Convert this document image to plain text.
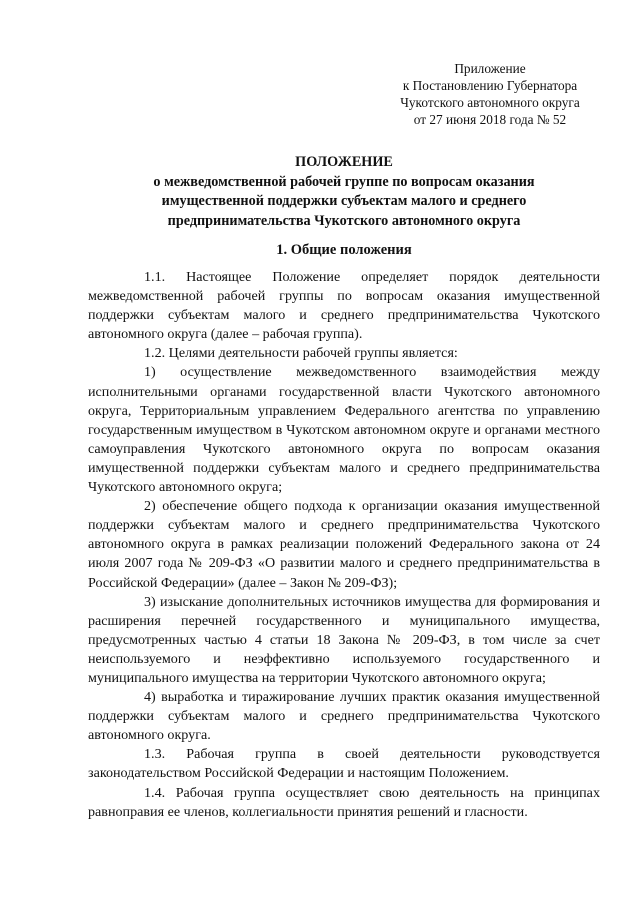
Приложение
к Постановлению Губернатора
Чукотского автономного округа
от 27 июня 2018 года № 52
ПОЛОЖЕНИЕ
о межведомственной рабочей группе по вопросам оказания
имущественной поддержки субъектам малого и среднего
предпринимательства Чукотского автономного округа
1. Общие положения

1.1. Настоящее Положение определяет порядок деятельности межведомственной рабочей группы по вопросам оказания имущественной поддержки субъектам малого и среднего предпринимательства Чукотского автономного округа (далее – рабочая группа).

1.2. Целями деятельности рабочей группы является:

1) осуществление межведомственного взаимодействия между исполнительными органами государственной власти Чукотского автономного округа, Территориальным управлением Федерального агентства по управлению государственным имуществом в Чукотском автономном округе и органами местного самоуправления Чукотского автономного округа по вопросам оказания имущественной поддержки субъектам малого и среднего предпринимательства Чукотского автономного округа;

2) обеспечение общего подхода к организации оказания имущественной поддержки субъектам малого и среднего предпринимательства Чукотского автономного округа в рамках реализации положений Федерального закона от 24 июля 2007 года № 209-ФЗ «О развитии малого и среднего предпринимательства в Российской Федерации» (далее – Закон № 209-ФЗ);

3) изыскание дополнительных источников имущества для формирования и расширения перечней государственного и муниципального имущества, предусмотренных частью 4 статьи 18 Закона № 209-ФЗ, в том числе за счет неиспользуемого и неэффективно используемого государственного и муниципального имущества на территории Чукотского автономного округа;

4) выработка и тиражирование лучших практик оказания имущественной поддержки субъектам малого и среднего предпринимательства Чукотского автономного округа.

1.3. Рабочая группа в своей деятельности руководствуется законодательством Российской Федерации и настоящим Положением.

1.4. Рабочая группа осуществляет свою деятельность на принципах равноправия ее членов, коллегиальности принятия решений и гласности.
